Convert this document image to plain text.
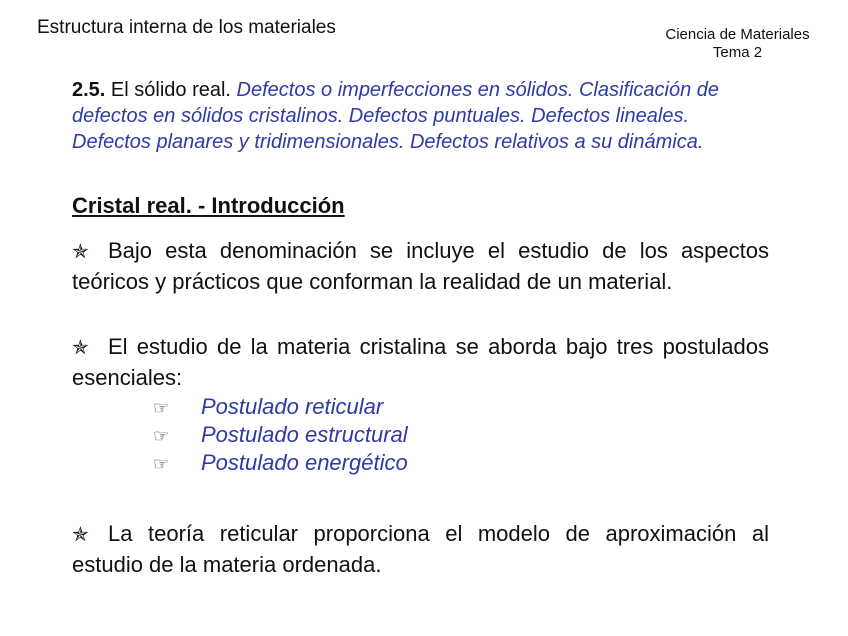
Estructura interna de los materiales	Ciencia de Materiales
Tema 2
2.5. El sólido real. Defectos o imperfecciones en sólidos. Clasificación de defectos en sólidos cristalinos. Defectos puntuales. Defectos lineales. Defectos planares y tridimensionales. Defectos relativos a su dinámica.
Cristal real. - Introducción
✯ Bajo esta denominación se incluye el estudio de los aspectos teóricos y prácticos que conforman la realidad de un material.
✯ El estudio de la materia cristalina se aborda bajo tres postulados esenciales:
☞ Postulado reticular
☞ Postulado estructural
☞ Postulado energético
✯ La teoría reticular proporciona el modelo de aproximación al estudio de la materia ordenada.
